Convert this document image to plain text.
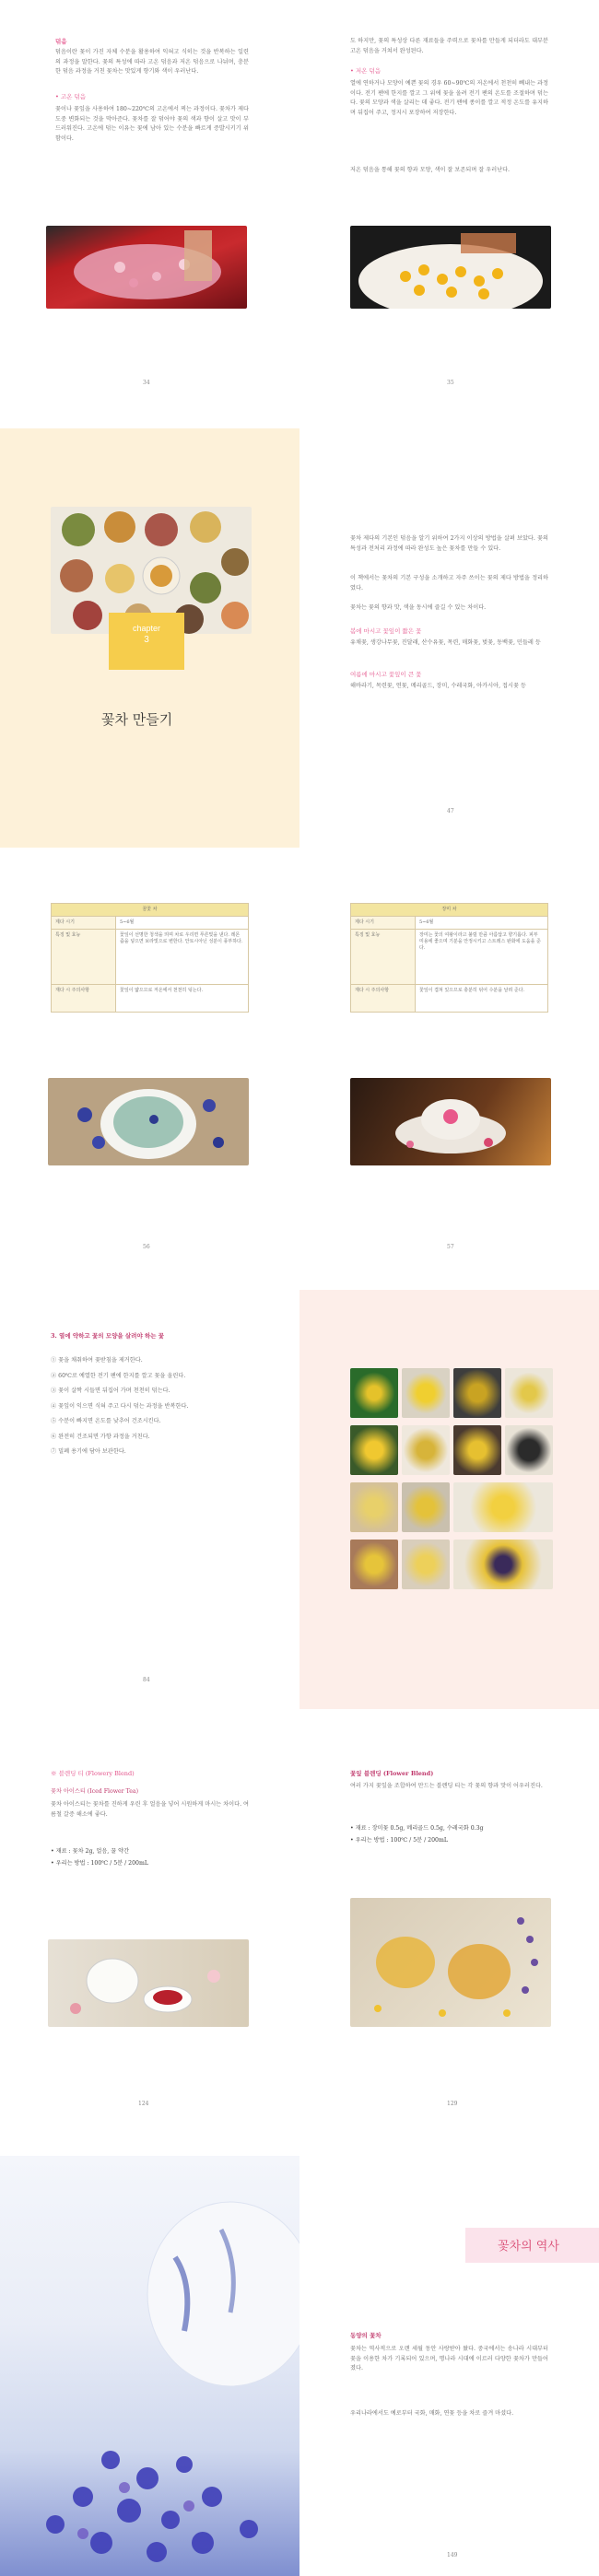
덖음
덖음이란 꽃이 가진 자체 수분을 활용하여 익혀고 식히는 것을 반복하는 일련의 과정을 말한다. 꽃의 특성에 따라 고온 덖음과 저온 덖음으로 나뉘며, 충분한 덖음 과정을 거친 꽃차는 맛있게 향기와 색이 우러난다.
• 고온 덖음
꽃이나 꽃잎을 사용하여 180~220℃의 고온에서 찌는 과정이다. 꽃차가 제다 도중 변화되는 것을 막아준다. 꽃차를 잘 덖어야 꽃의 색과 향이 살고 맛이 부드러워진다. 고온에 덖는 이유는 꽃에 남아 있는 수분을 빠르게 증발시키기 위함이다.
34
도 하지만, 꽃의 특성상 다른 재료들을 주력으로 꽃차를 만들게 되더라도 대부분 고온 덖음을 거쳐서 완성된다.
• 저온 덖음
열에 연하거나 모양이 예쁜 꽃의 경우 60~90℃의 저온에서 천천히 뻬내는 과정이다. 전기 팬에 한지를 깔고 그 위에 꽃을 올려 전기 팬의 온도를 조절하며 덖는다. 꽃의 모양과 색을 살리는 데 좋다. 전기 팬에 종이를 깔고 적정 온도를 유지하며 뒤집어 주고, 정지시 포장하여 저장한다.
저온 덖음을 통해 꽃의 향과 모양, 색이 잘 보존되며 잘 우러난다.
35
chapter
3
꽃차 만들기
꽃차 제다의 기본인 덖음을 알기 위하여 2가지 이상의 방법을 살펴 보았다. 꽃의 특성과 전처리 과정에 따라 완성도 높은 꽃차를 만들 수 있다.
이 책에서는 꽃차의 기본 구성을 소개하고 자주 쓰이는 꽃의 제다 방법을 정리하였다.
꽃차는 꽃의 향과 맛, 색을 동시에 즐길 수 있는 차이다.
봄에 마시고 꽃잎이 짧은 꽃
유채꽃, 생강나무꽃, 진달래, 산수유꽃, 목련, 매화꽃, 벚꽃, 동백꽃, 민들레 등
여름에 마시고 꽃잎이 큰 꽃
해바라기, 목련꽃, 연꽃, 메리골드, 장미, 수레국화, 아카시아, 접시꽃 등
47
꿈꽃 차	
제다 시기	5~6월
특징 및 효능	꽃잎이 선명한 청색을 띄며 차로 우리면 푸른빛을 낸다. 레몬즙을 넣으면 보라빛으로 변한다. 안토시아닌 성분이 풍부하다.
재다 시 주의사항	꽃잎이 얇으므로 저온에서 천천히 덖는다.
56
장미 차	
제다 시기	5~6월
특징 및 효능	장미는 꽃의 여왕이라고 불릴 만큼 아름답고 향기롭다. 피부 미용에 좋으며 기분을 안정시키고 스트레스 완화에 도움을 준다.
재다 시 주의사항	꽃잎이 겹쳐 있으므로 충분히 덖어 수분을 날려 준다.
57
3. 열에 약하고 꽃의 모양을 살려야 하는 꽃
① 꽃을 채취하여 꽃받침을 제거한다.
② 60℃로 예열한 전기 팬에 한지를 깔고 꽃을 올린다.
③ 꽃이 살짝 시들면 뒤집어 가며 천천히 덖는다.
④ 꽃잎이 익으면 식혀 주고 다시 덖는 과정을 반복한다.
⑤ 수분이 빠지면 온도를 낮추어 건조시킨다.
⑥ 완전히 건조되면 가향 과정을 거친다.
⑦ 밀폐 용기에 담아 보관한다.
84
※ 블렌딩 티 (Flowery Blend)
꽃차 아이스티 (Iced Flower Tea)
꽃차 아이스티는 꽃차를 진하게 우린 후 얼음을 넣어 시원하게 마시는 차이다. 여름철 갈증 해소에 좋다.
• 재료 : 꽃차 2g, 얼음, 꿀 약간
• 우리는 방법 : 100℃ / 5분 / 200mL
124
꽃잎 블렌딩 (Flower Blend)
여러 가지 꽃잎을 조합하여 만드는 블렌딩 티는 각 꽃의 향과 맛이 어우러진다.
• 재료 : 장미꽃 0.5g, 메리골드 0.5g, 수레국화 0.3g
• 우리는 방법 : 100℃ / 5분 / 200mL
129
꽃차의 역사
동양의 꽃차
꽃차는 역사적으로 오랜 세월 동안 사랑받아 왔다. 중국에서는 송나라 시대부터 꽃을 이용한 차가 기록되어 있으며, 명나라 시대에 이르러 다양한 꽃차가 만들어졌다.
우리나라에서도 예로부터 국화, 매화, 연꽃 등을 차로 즐겨 마셨다.
149
